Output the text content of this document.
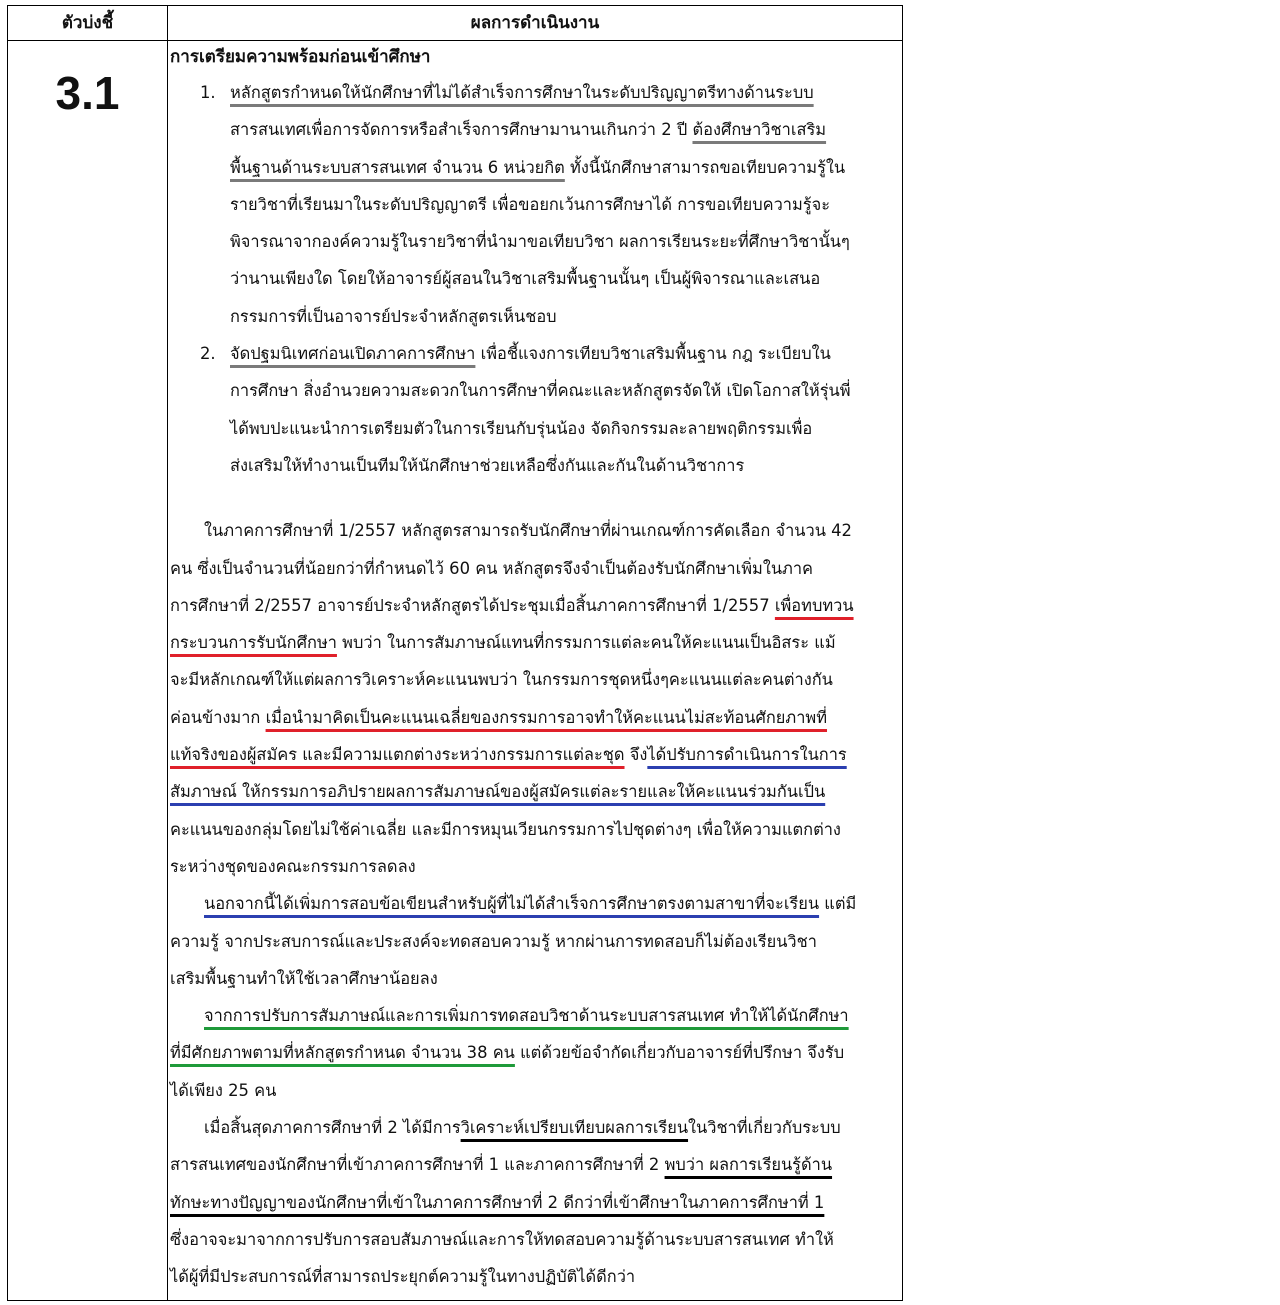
ตัวบ่งชี้	ผลการดำเนินงาน
3.1
การเตรียมความพร้อมก่อนเข้าศึกษา
1. หลักสูตรกำหนดให้นักศึกษาที่ไม่ได้สำเร็จการศึกษาในระดับปริญญาตรีทางด้านระบบ
สารสนเทศเพื่อการจัดการหรือสำเร็จการศึกษามานานเกินกว่า 2 ปี ต้องศึกษาวิชาเสริม
พื้นฐานด้านระบบสารสนเทศ จำนวน 6 หน่วยกิต ทั้งนี้นักศึกษาสามารถขอเทียบความรู้ใน
รายวิชาที่เรียนมาในระดับปริญญาตรี เพื่อขอยกเว้นการศึกษาได้ การขอเทียบความรู้จะ
พิจารณาจากองค์ความรู้ในรายวิชาที่นำมาขอเทียบวิชา ผลการเรียนระยะที่ศึกษาวิชานั้นๆ
ว่านานเพียงใด โดยให้อาจารย์ผู้สอนในวิชาเสริมพื้นฐานนั้นๆ เป็นผู้พิจารณาและเสนอ
กรรมการที่เป็นอาจารย์ประจำหลักสูตรเห็นชอบ
2. จัดปฐมนิเทศก่อนเปิดภาคการศึกษา เพื่อชี้แจงการเทียบวิชาเสริมพื้นฐาน กฎ ระเบียบใน
การศึกษา สิ่งอำนวยความสะดวกในการศึกษาที่คณะและหลักสูตรจัดให้ เปิดโอกาสให้รุ่นพี่
ได้พบปะแนะนำการเตรียมตัวในการเรียนกับรุ่นน้อง จัดกิจกรรมละลายพฤติกรรมเพื่อ
ส่งเสริมให้ทำงานเป็นทีมให้นักศึกษาช่วยเหลือซึ่งกันและกันในด้านวิชาการ
ในภาคการศึกษาที่ 1/2557 หลักสูตรสามารถรับนักศึกษาที่ผ่านเกณฑ์การคัดเลือก จำนวน 42
คน ซึ่งเป็นจำนวนที่น้อยกว่าที่กำหนดไว้ 60 คน หลักสูตรจึงจำเป็นต้องรับนักศึกษาเพิ่มในภาค
การศึกษาที่ 2/2557 อาจารย์ประจำหลักสูตรได้ประชุมเมื่อสิ้นภาคการศึกษาที่ 1/2557 เพื่อทบทวน
กระบวนการรับนักศึกษา พบว่า ในการสัมภาษณ์แทนที่กรรมการแต่ละคนให้คะแนนเป็นอิสระ แม้
จะมีหลักเกณฑ์ให้แต่ผลการวิเคราะห์คะแนนพบว่า ในกรรมการชุดหนึ่งๆคะแนนแต่ละคนต่างกัน
ค่อนข้างมาก เมื่อนำมาคิดเป็นคะแนนเฉลี่ยของกรรมการอาจทำให้คะแนนไม่สะท้อนศักยภาพที่
แท้จริงของผู้สมัคร และมีความแตกต่างระหว่างกรรมการแต่ละชุด จึงได้ปรับการดำเนินการในการ
สัมภาษณ์ ให้กรรมการอภิปรายผลการสัมภาษณ์ของผู้สมัครแต่ละรายและให้คะแนนร่วมกันเป็น
คะแนนของกลุ่มโดยไม่ใช้ค่าเฉลี่ย และมีการหมุนเวียนกรรมการไปชุดต่างๆ เพื่อให้ความแตกต่าง
ระหว่างชุดของคณะกรรมการลดลง
นอกจากนี้ได้เพิ่มการสอบข้อเขียนสำหรับผู้ที่ไม่ได้สำเร็จการศึกษาตรงตามสาขาที่จะเรียน แต่มี
ความรู้ จากประสบการณ์และประสงค์จะทดสอบความรู้ หากผ่านการทดสอบก็ไม่ต้องเรียนวิชา
เสริมพื้นฐานทำให้ใช้เวลาศึกษาน้อยลง
จากการปรับการสัมภาษณ์และการเพิ่มการทดสอบวิชาด้านระบบสารสนเทศ ทำให้ได้นักศึกษา
ที่มีศักยภาพตามที่หลักสูตรกำหนด จำนวน 38 คน แต่ด้วยข้อจำกัดเกี่ยวกับอาจารย์ที่ปรึกษา จึงรับ
ได้เพียง 25 คน
เมื่อสิ้นสุดภาคการศึกษาที่ 2 ได้มีการวิเคราะห์เปรียบเทียบผลการเรียนในวิชาที่เกี่ยวกับระบบ
สารสนเทศของนักศึกษาที่เข้าภาคการศึกษาที่ 1 และภาคการศึกษาที่ 2 พบว่า ผลการเรียนรู้ด้าน
ทักษะทางปัญญาของนักศึกษาที่เข้าในภาคการศึกษาที่ 2 ดีกว่าที่เข้าศึกษาในภาคการศึกษาที่ 1
ซึ่งอาจจะมาจากการปรับการสอบสัมภาษณ์และการให้ทดสอบความรู้ด้านระบบสารสนเทศ ทำให้
ได้ผู้ที่มีประสบการณ์ที่สามารถประยุกต์ความรู้ในทางปฏิบัติได้ดีกว่า
